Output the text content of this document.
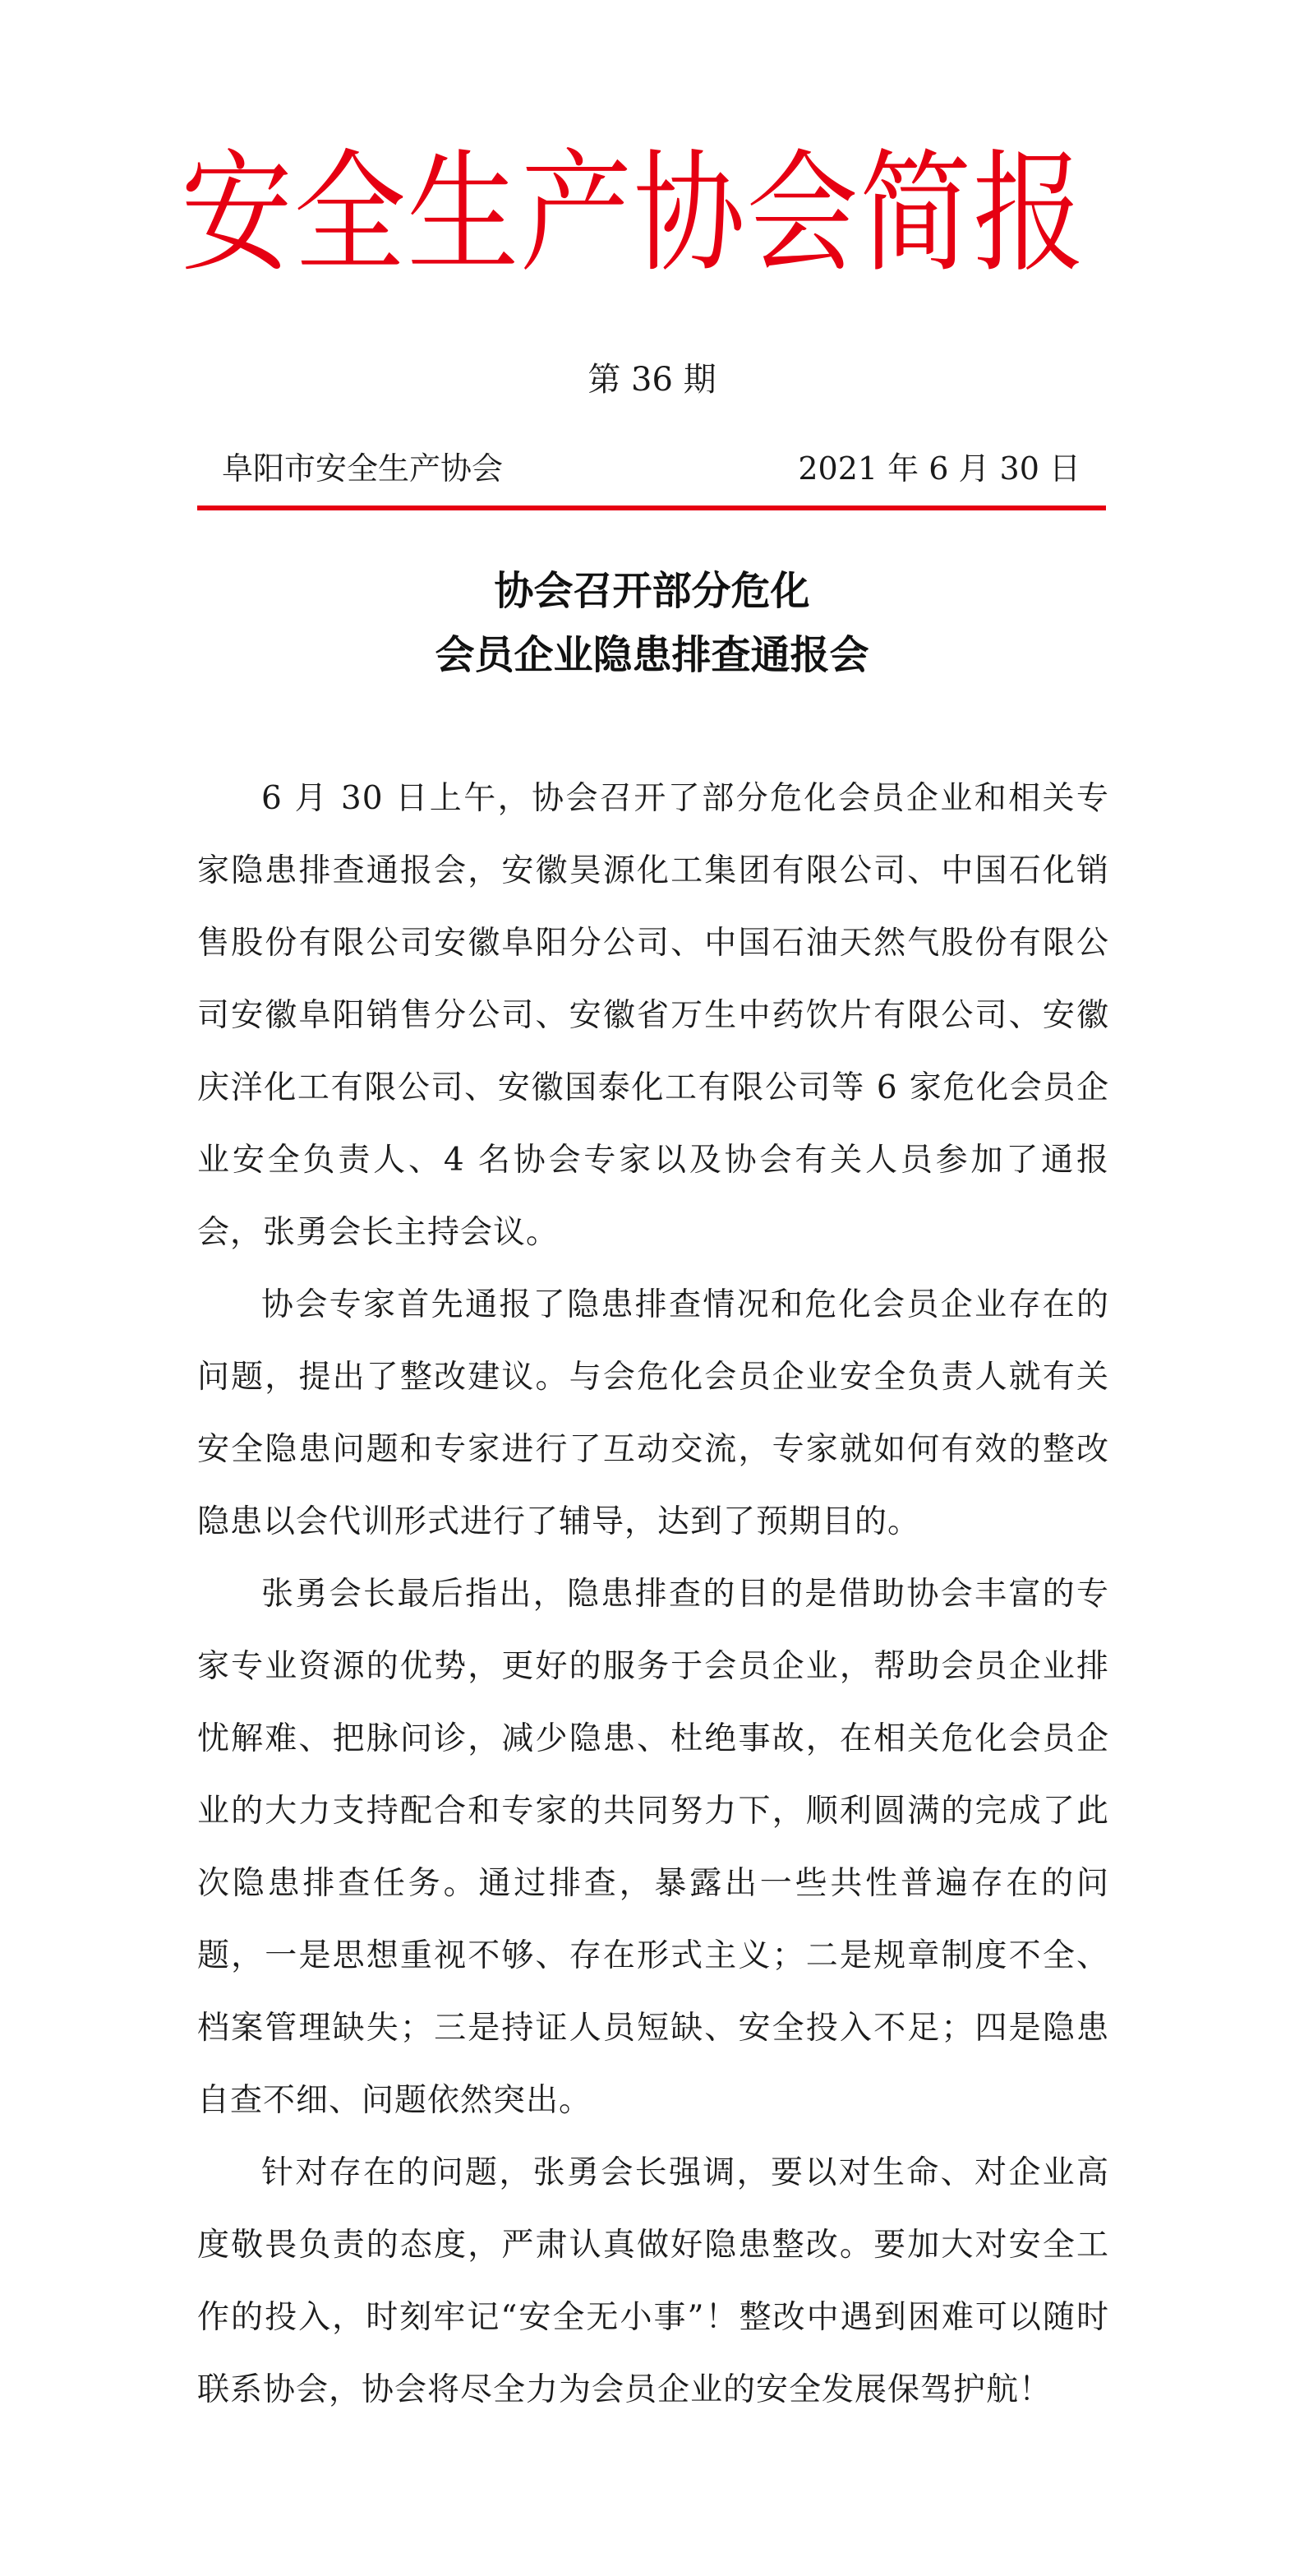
安全生产协会简报
第 36 期
阜阳市安全生产协会	2021 年 6 月 30 日
协会召开部分危化
会员企业隐患排查通报会

6 月 30 日上午，协会召开了部分危化会员企业和相关专家隐患排查通报会，安徽昊源化工集团有限公司、中国石化销售股份有限公司安徽阜阳分公司、中国石油天然气股份有限公司安徽阜阳销售分公司、安徽省万生中药饮片有限公司、安徽庆洋化工有限公司、安徽国泰化工有限公司等 6 家危化会员企业安全负责人、4 名协会专家以及协会有关人员参加了通报会，张勇会长主持会议。

协会专家首先通报了隐患排查情况和危化会员企业存在的问题，提出了整改建议。与会危化会员企业安全负责人就有关安全隐患问题和专家进行了互动交流，专家就如何有效的整改隐患以会代训形式进行了辅导，达到了预期目的。

张勇会长最后指出，隐患排查的目的是借助协会丰富的专家专业资源的优势，更好的服务于会员企业，帮助会员企业排忧解难、把脉问诊，减少隐患、杜绝事故，在相关危化会员企业的大力支持配合和专家的共同努力下，顺利圆满的完成了此次隐患排查任务。通过排查，暴露出一些共性普遍存在的问题，一是思想重视不够、存在形式主义；二是规章制度不全、档案管理缺失；三是持证人员短缺、安全投入不足；四是隐患自查不细、问题依然突出。

针对存在的问题，张勇会长强调，要以对生命、对企业高度敬畏负责的态度，严肃认真做好隐患整改。要加大对安全工作的投入，时刻牢记“安全无小事”！整改中遇到困难可以随时联系协会，协会将尽全力为会员企业的安全发展保驾护航！
